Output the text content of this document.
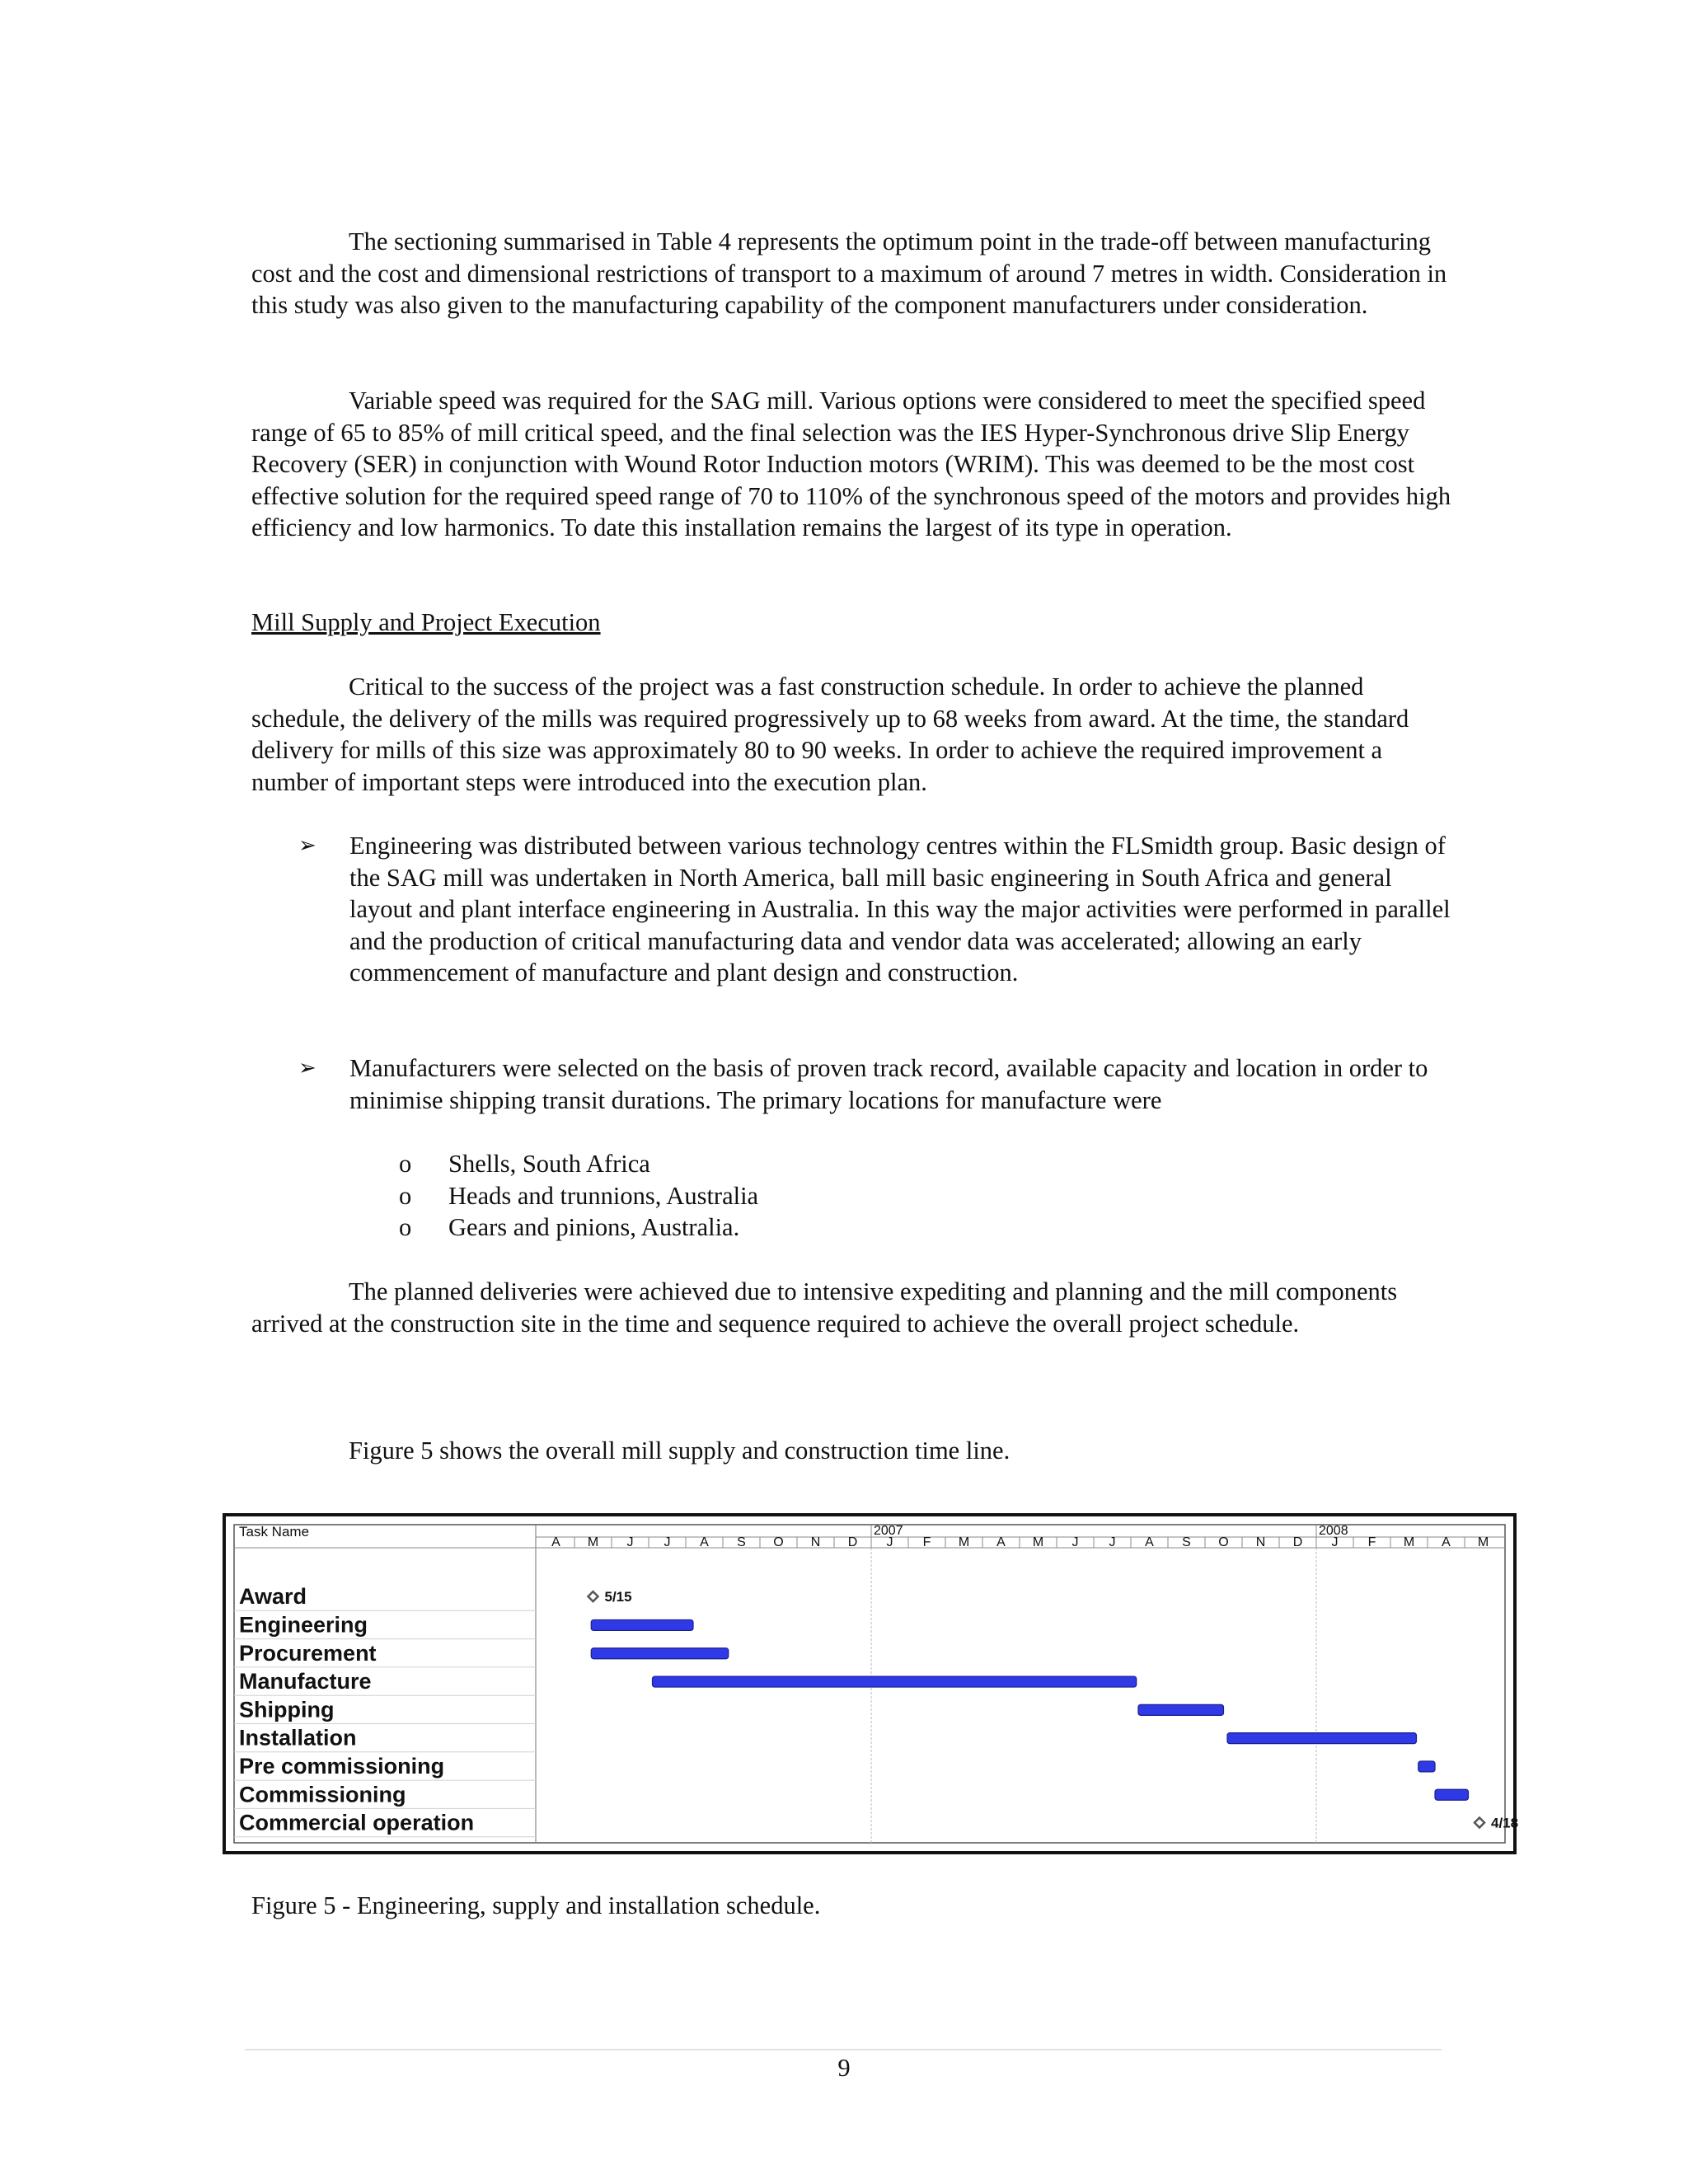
The sectioning summarised in Table 4 represents the optimum point in the trade-off between manufacturing cost and the cost and dimensional restrictions of transport to a maximum of around 7 metres in width. Consideration in this study was also given to the manufacturing capability of the component manufacturers under consideration.

Variable speed was required for the SAG mill. Various options were considered to meet the specified speed range of 65 to 85% of mill critical speed, and the final selection was the IES Hyper-Synchronous drive Slip Energy Recovery (SER) in conjunction with Wound Rotor Induction motors (WRIM). This was deemed to be the most cost effective solution for the required speed range of 70 to 110% of the synchronous speed of the motors and provides high efficiency and low harmonics. To date this installation remains the largest of its type in operation.

Mill Supply and Project Execution

Critical to the success of the project was a fast construction schedule. In order to achieve the planned schedule, the delivery of the mills was required progressively up to 68 weeks from award. At the time, the standard delivery for mills of this size was approximately 80 to 90 weeks. In order to achieve the required improvement a number of important steps were introduced into the execution plan.

➢ Engineering was distributed between various technology centres within the FLSmidth group. Basic design of the SAG mill was undertaken in North America, ball mill basic engineering in South Africa and general layout and plant interface engineering in Australia. In this way the major activities were performed in parallel and the production of critical manufacturing data and vendor data was accelerated; allowing an early commencement of manufacture and plant design and construction.
➢ Manufacturers were selected on the basis of proven track record, available capacity and location in order to minimise shipping transit durations. The primary locations for manufacture were
o Shells, South Africa
o Heads and trunnions, Australia
o Gears and pinions, Australia.

The planned deliveries were achieved due to intensive expediting and planning and the mill components arrived at the construction site in the time and sequence required to achieve the overall project schedule.

Figure 5 shows the overall mill supply and construction time line.

Task Name	2007	2008
A M J J A S O N D J F M A M J J A S O N D J F M A M
Award	5/15
Engineering
Procurement
Manufacture
Shipping
Installation
Pre commissioning
Commissioning
Commercial operation	4/18

Figure 5 - Engineering, supply and installation schedule.

9
